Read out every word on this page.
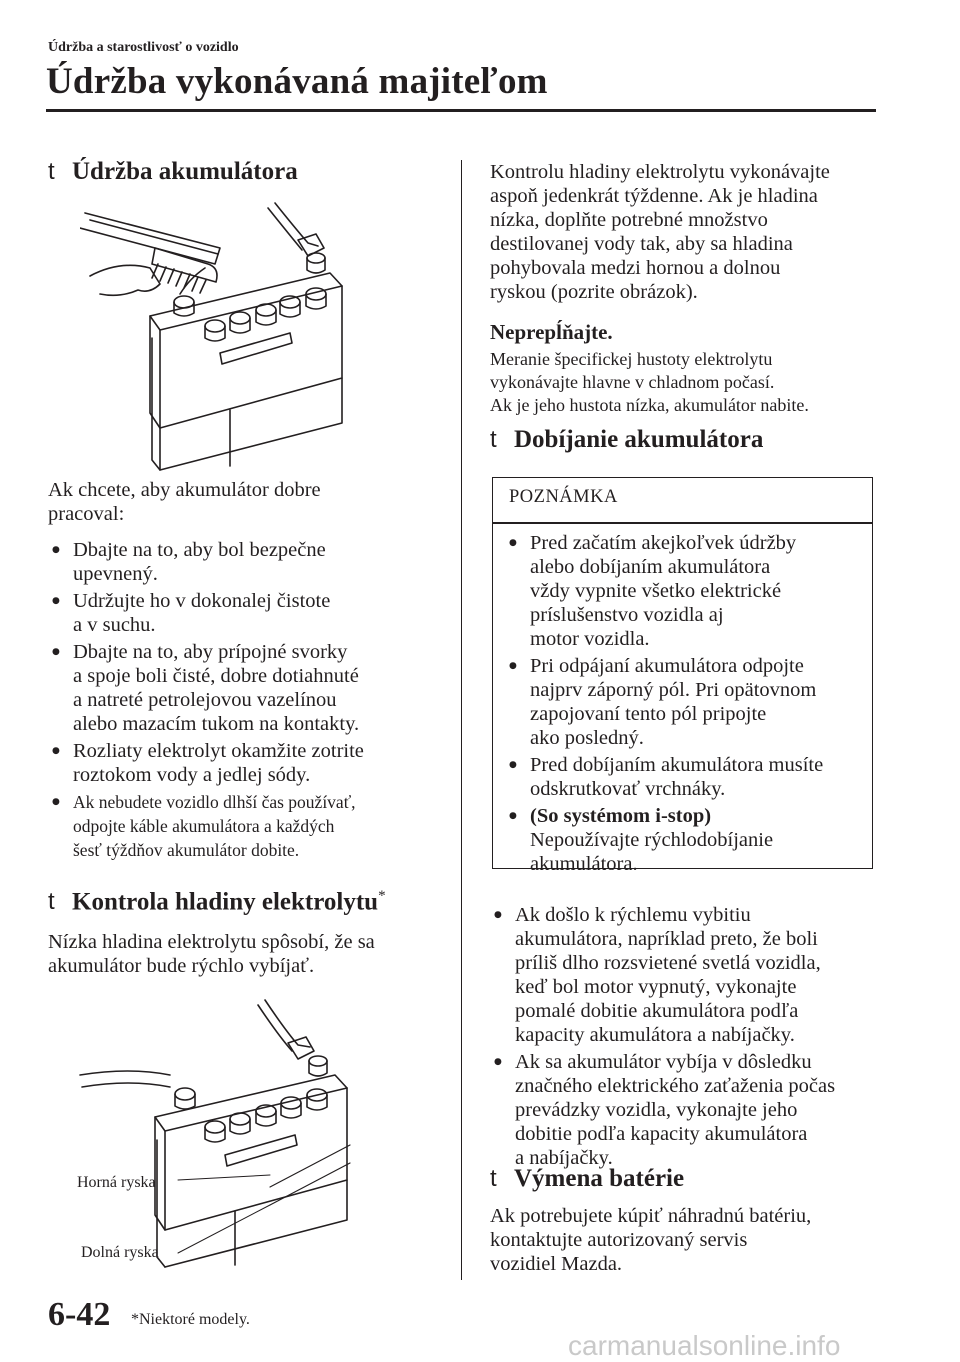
Údržba a starostlivosť o vozidlo
Údržba vykonávaná majiteľom
t Údržba akumulátora
Ak chcete, aby akumulátor dobre
pracoval:
● Dbajte na to, aby bol bezpečne
upevnený.
● Udržujte ho v dokonalej čistote
a v suchu.
● Dbajte na to, aby prípojné svorky
a spoje boli čisté, dobre dotiahnuté
a natreté petrolejovou vazelínou
alebo mazacím tukom na kontakty.
● Rozliaty elektrolyt okamžite zotrite
roztokom vody a jedlej sódy.
● Ak nebudete vozidlo dlhší čas používať,
odpojte káble akumulátora a každých
šesť týždňov akumulátor dobite.
t Kontrola hladiny elektrolytu*
Nízka hladina elektrolytu spôsobí, že sa
akumulátor bude rýchlo vybíjať.
Horná ryska
Dolná ryska
Kontrolu hladiny elektrolytu vykonávajte
aspoň jedenkrát týždenne. Ak je hladina
nízka, doplňte potrebné množstvo
destilovanej vody tak, aby sa hladina
pohybovala medzi hornou a dolnou
ryskou (pozrite obrázok).
Neprepĺňajte.
Meranie špecifickej hustoty elektrolytu
vykonávajte hlavne v chladnom počasí.
Ak je jeho hustota nízka, akumulátor nabite.
t Dobíjanie akumulátora
POZNÁMKA
● Pred začatím akejkoľvek údržby
alebo dobíjaním akumulátora
vždy vypnite všetko elektrické
príslušenstvo vozidla aj
motor vozidla.
● Pri odpájaní akumulátora odpojte
najprv záporný pól. Pri opätovnom
zapojovaní tento pól pripojte
ako posledný.
● Pred dobíjaním akumulátora musíte
odskrutkovať vrchnáky.
● (So systémom i-stop)
Nepoužívajte rýchlodobíjanie
akumulátora.
● Ak došlo k rýchlemu vybitiu
akumulátora, napríklad preto, že boli
príliš dlho rozsvietené svetlá vozidla,
keď bol motor vypnutý, vykonajte
pomalé dobitie akumulátora podľa
kapacity akumulátora a nabíjačky.
● Ak sa akumulátor vybíja v dôsledku
značného elektrického zaťaženia počas
prevádzky vozidla, vykonajte jeho
dobitie podľa kapacity akumulátora
a nabíjačky.
t Výmena batérie
Ak potrebujete kúpiť náhradnú batériu,
kontaktujte autorizovaný servis
vozidiel Mazda.
6-42 *Niektoré modely.
carmanualsonline.info
